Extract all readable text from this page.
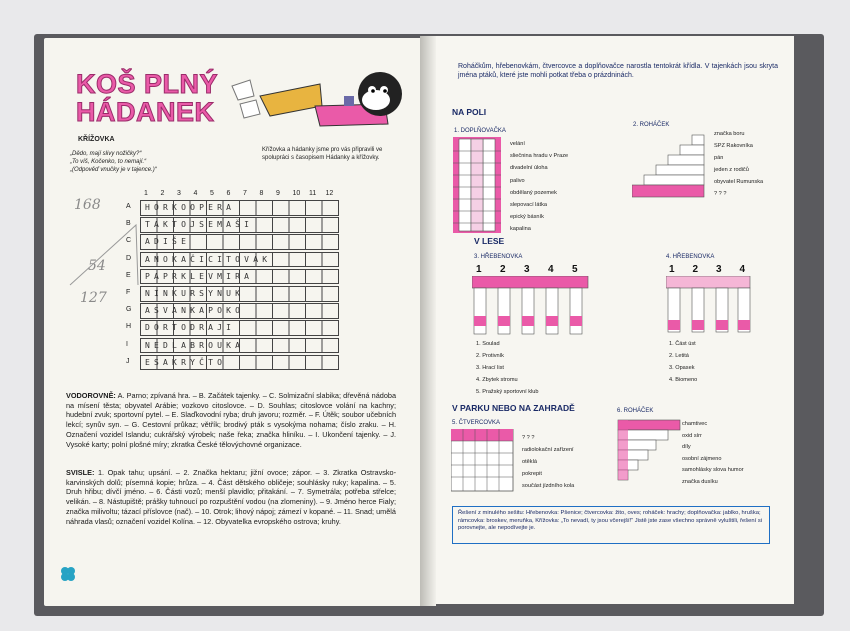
KOŠ PLNÝ
HÁDANEK
KŘÍŽOVKA
„Dědo, mají slivy nožičky?“
„To víš, Kočenko, to nemají.“
„(Odpověď vnučky je v tajence.)“
Křížovka a hádanky jsme pro vás připravili ve spolupráci s časopisem Hádanky a křížovky.
168
54
127
VODOROVNĚ: A. Parno; zpívaná hra. – B. Začátek tajenky. – C. Solmizační slabika; dřevěná nádoba na mísení těsta; obyvatel Arábie; vozkovo citoslovce. – D. Souhlas; citoslovce volání na kachny; hudební zvuk; sportovní pytel. – E. Slaďkovodní ryba; druh javoru; rozměr. – F. Útěk; soubor učebních lekcí; synův syn. – G. Cestovní průkaz; větřík; brodivý pták s vysokýma nohama; číslo zraku. – H. Označení vozidel Islandu; cukrářský výrobek; naše řeka; značka hliníku. – I. Ukončení tajenky. – J. Vysoké karty; polní plošné míry; zkratka České tělovýchovné organizace.
SVISLE: 1. Opak tahu; upsání. – 2. Značka hektaru; jižní ovoce; zápor. – 3. Zkratka Ostravsko-karvinských dolů; písemná kopie; hrůza. – 4. Část dětského obličeje; souhlásky ruky; kapalina. – 5. Druh hřibu; dívčí jméno. – 6. Části vozů; menší plavidlo; přitakání. – 7. Symetrála; potřeba střelce; velikán. – 8. Nástupiště; prášky tuhnoucí po rozpuštění vodou (na zlomeniny). – 9. Jméno herce Fialy; značka milivoltu; tázací příslovce (nač). – 10. Otrok; lihový nápoj; zámezí v kopané. – 11. Snad; umělá náhrada vlasů; označení vozidel Kolína. – 12. Obyvatelka evropského ostrova; kruhy.
Roháčkům, hřebenovkám, čtvercovce a doplňovačce narostla tentokrát křídla. V tajenkách jsou skryta jména ptáků, které jste mohli potkat třeba o prázdninách.
NA POLI
1. DOPLŇOVAČKA
2. ROHÁČEK
V LESE
3. HŘEBENOVKA	4. HŘEBENOVKA
V PARKU NEBO NA ZAHRADĚ
5. ČTVERCOVKA
6. ROHÁČEK
Řešení z minulého sešitu: Hřebenovka: Pšenice; čtvercovka: žito, oves; roháček: hrachy; doplňovačka: jablko, hruška; rámcovka: broskev, meruňka, Křížovka: „To nevadí, ty jsou včerejší!“ Jistě jste zase všechno správně vyluštili, řešení si porovnejte, ale nepodívejte je.
1 2 3 4 5 6 7 8 9 10 11 12
A
B
C
D
E
F
G
H
I
J
HORKOOPERA
TAKTOJSEMAŠI
ADIŠE
ANOKAČICITOVAK
PAPRKLEVMIRA
NINKURSYNUK
ASVANKAPOKO
DORTODRAJI
NEDLABROUKA
ESAKRYČTO
velání
sliečnina hradu v Praze
divadelní úloha
palivo
obdělaný pozemek
slepovací látka
epický básník
kapalina
značka boru
SPZ Rakovníka
pán
jeden z rodičů
obyvatel Rumunska
? ? ?
1 2 3 4 5
1. Soulad
2. Protivník
3. Hrací list
4. Zbytek stromu
5. Pražský sportovní klub
1 2 3 4
1. Část úst
2. Letitá
3. Opasek
4. Biomeno
? ? ?
radiolokační zařízení
otěklá
pokrepit
součást jízdního kola
chamtivec
oxid sírr
díly
osobní zájmeno
samohlásky slova humor
značka dusíku
